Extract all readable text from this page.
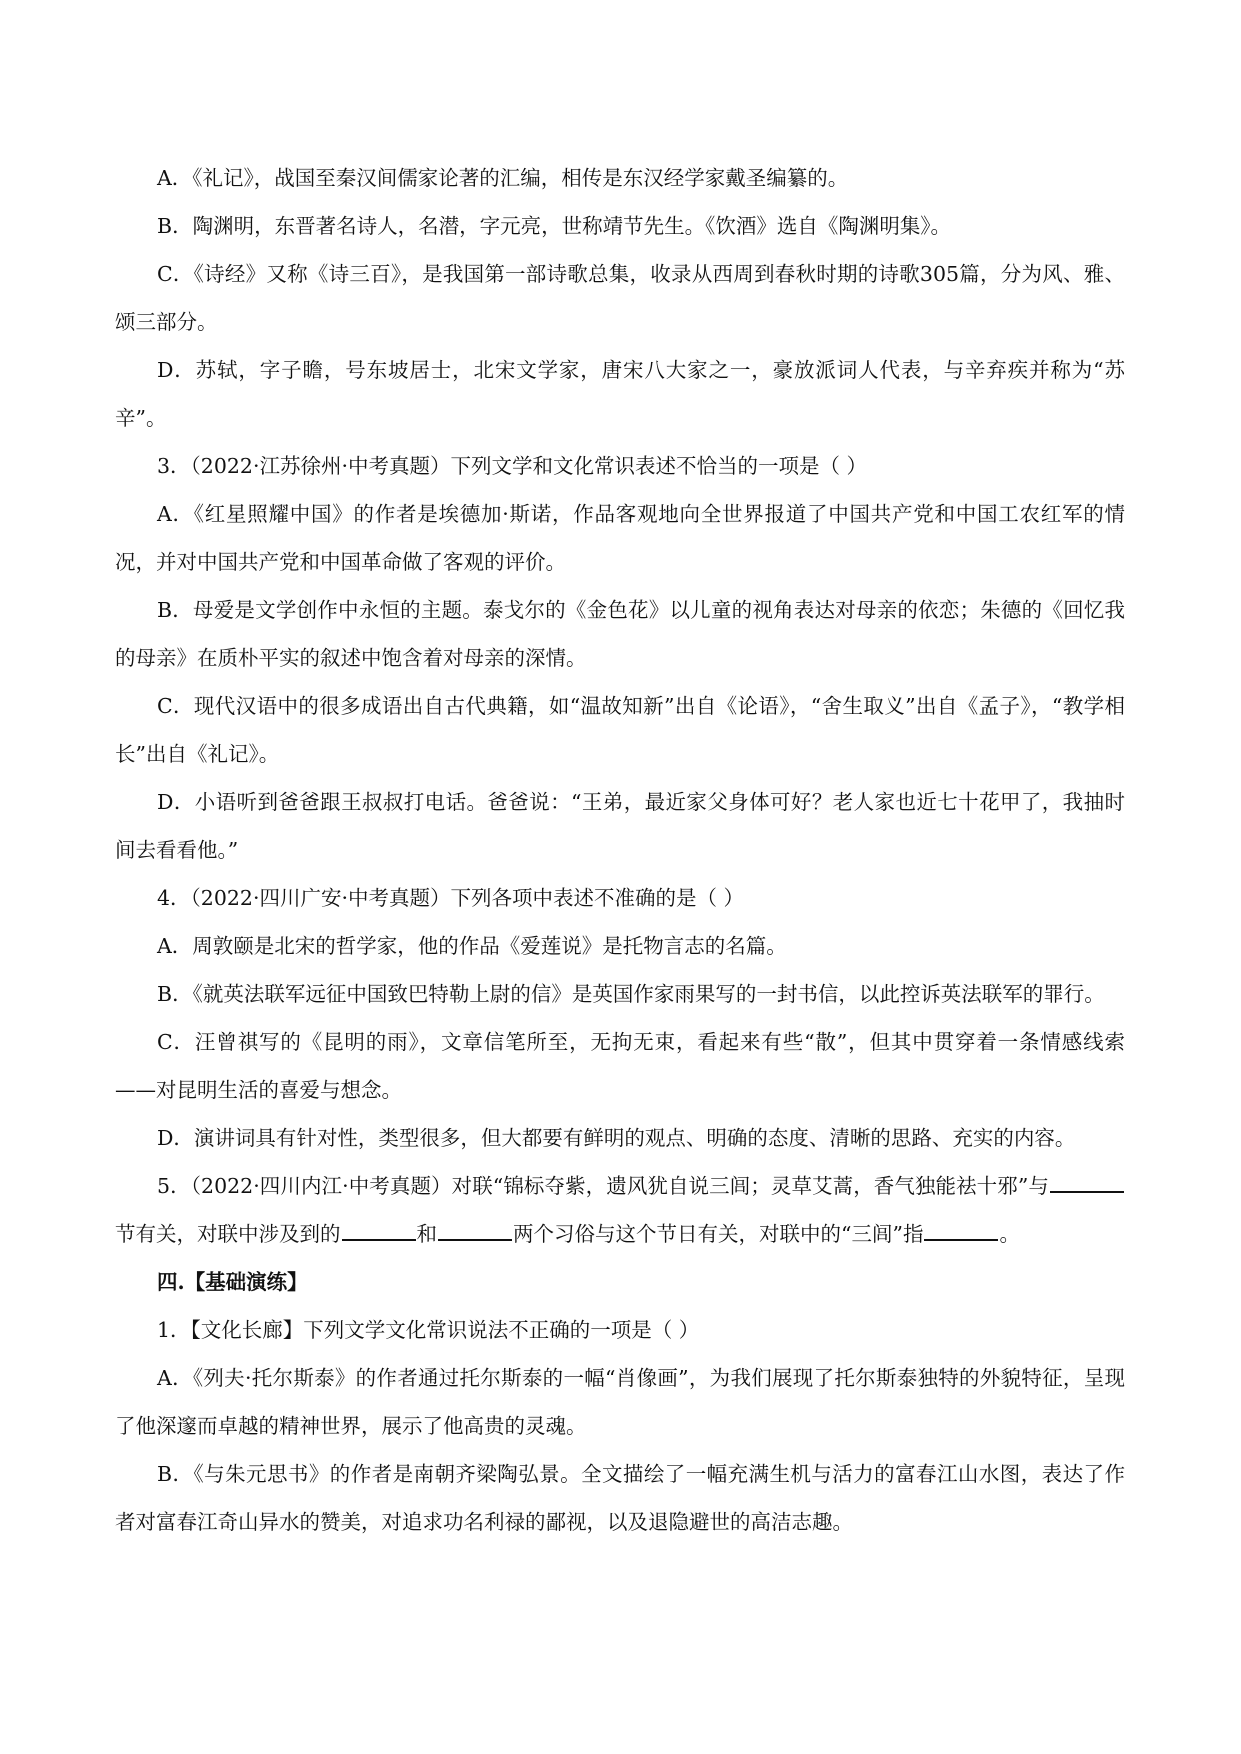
A．《礼记》，战国至秦汉间儒家论著的汇编，相传是东汉经学家戴圣编纂的。

B．陶渊明，东晋著名诗人，名潜，字元亮，世称靖节先生。《饮酒》选自《陶渊明集》。

C．《诗经》又称《诗三百》，是我国第一部诗歌总集，收录从西周到春秋时期的诗歌305篇，分为风、雅、颂三部分。

D．苏轼，字子瞻，号东坡居士，北宋文学家，唐宋八大家之一，豪放派词人代表，与辛弃疾并称为“苏辛”。

3．（2022·江苏徐州·中考真题）下列文学和文化常识表述不恰当的一项是（ ）

A．《红星照耀中国》的作者是埃德加·斯诺，作品客观地向全世界报道了中国共产党和中国工农红军的情况，并对中国共产党和中国革命做了客观的评价。

B．母爱是文学创作中永恒的主题。泰戈尔的《金色花》以儿童的视角表达对母亲的依恋；朱德的《回忆我的母亲》在质朴平实的叙述中饱含着对母亲的深情。

C．现代汉语中的很多成语出自古代典籍，如“温故知新”出自《论语》，“舍生取义”出自《孟子》，“教学相长”出自《礼记》。

D．小语听到爸爸跟王叔叔打电话。爸爸说：“王弟，最近家父身体可好？老人家也近七十花甲了，我抽时间去看看他。”

4．（2022·四川广安·中考真题）下列各项中表述不准确的是（ ）

A．周敦颐是北宋的哲学家，他的作品《爱莲说》是托物言志的名篇。

B．《就英法联军远征中国致巴特勒上尉的信》是英国作家雨果写的一封书信，以此控诉英法联军的罪行。

C．汪曾祺写的《昆明的雨》，文章信笔所至，无拘无束，看起来有些“散”，但其中贯穿着一条情感线索——对昆明生活的喜爱与想念。

D．演讲词具有针对性，类型很多，但大都要有鲜明的观点、明确的态度、清晰的思路、充实的内容。

5．（2022·四川内江·中考真题）对联“锦标夺紫，遗风犹自说三闾；灵草艾蒿，香气独能祛十邪”与节有关，对联中涉及到的	和	两个习俗与这个节日有关，对联中的“三闾”指	。

四.【基础演练】

1．【文化长廊】下列文学文化常识说法不正确的一项是（ ）

A．《列夫·托尔斯泰》的作者通过托尔斯泰的一幅“肖像画”，为我们展现了托尔斯泰独特的外貌特征，呈现了他深邃而卓越的精神世界，展示了他高贵的灵魂。

B．《与朱元思书》的作者是南朝齐梁陶弘景。全文描绘了一幅充满生机与活力的富春江山水图，表达了作者对富春江奇山异水的赞美，对追求功名利禄的鄙视，以及退隐避世的高洁志趣。
